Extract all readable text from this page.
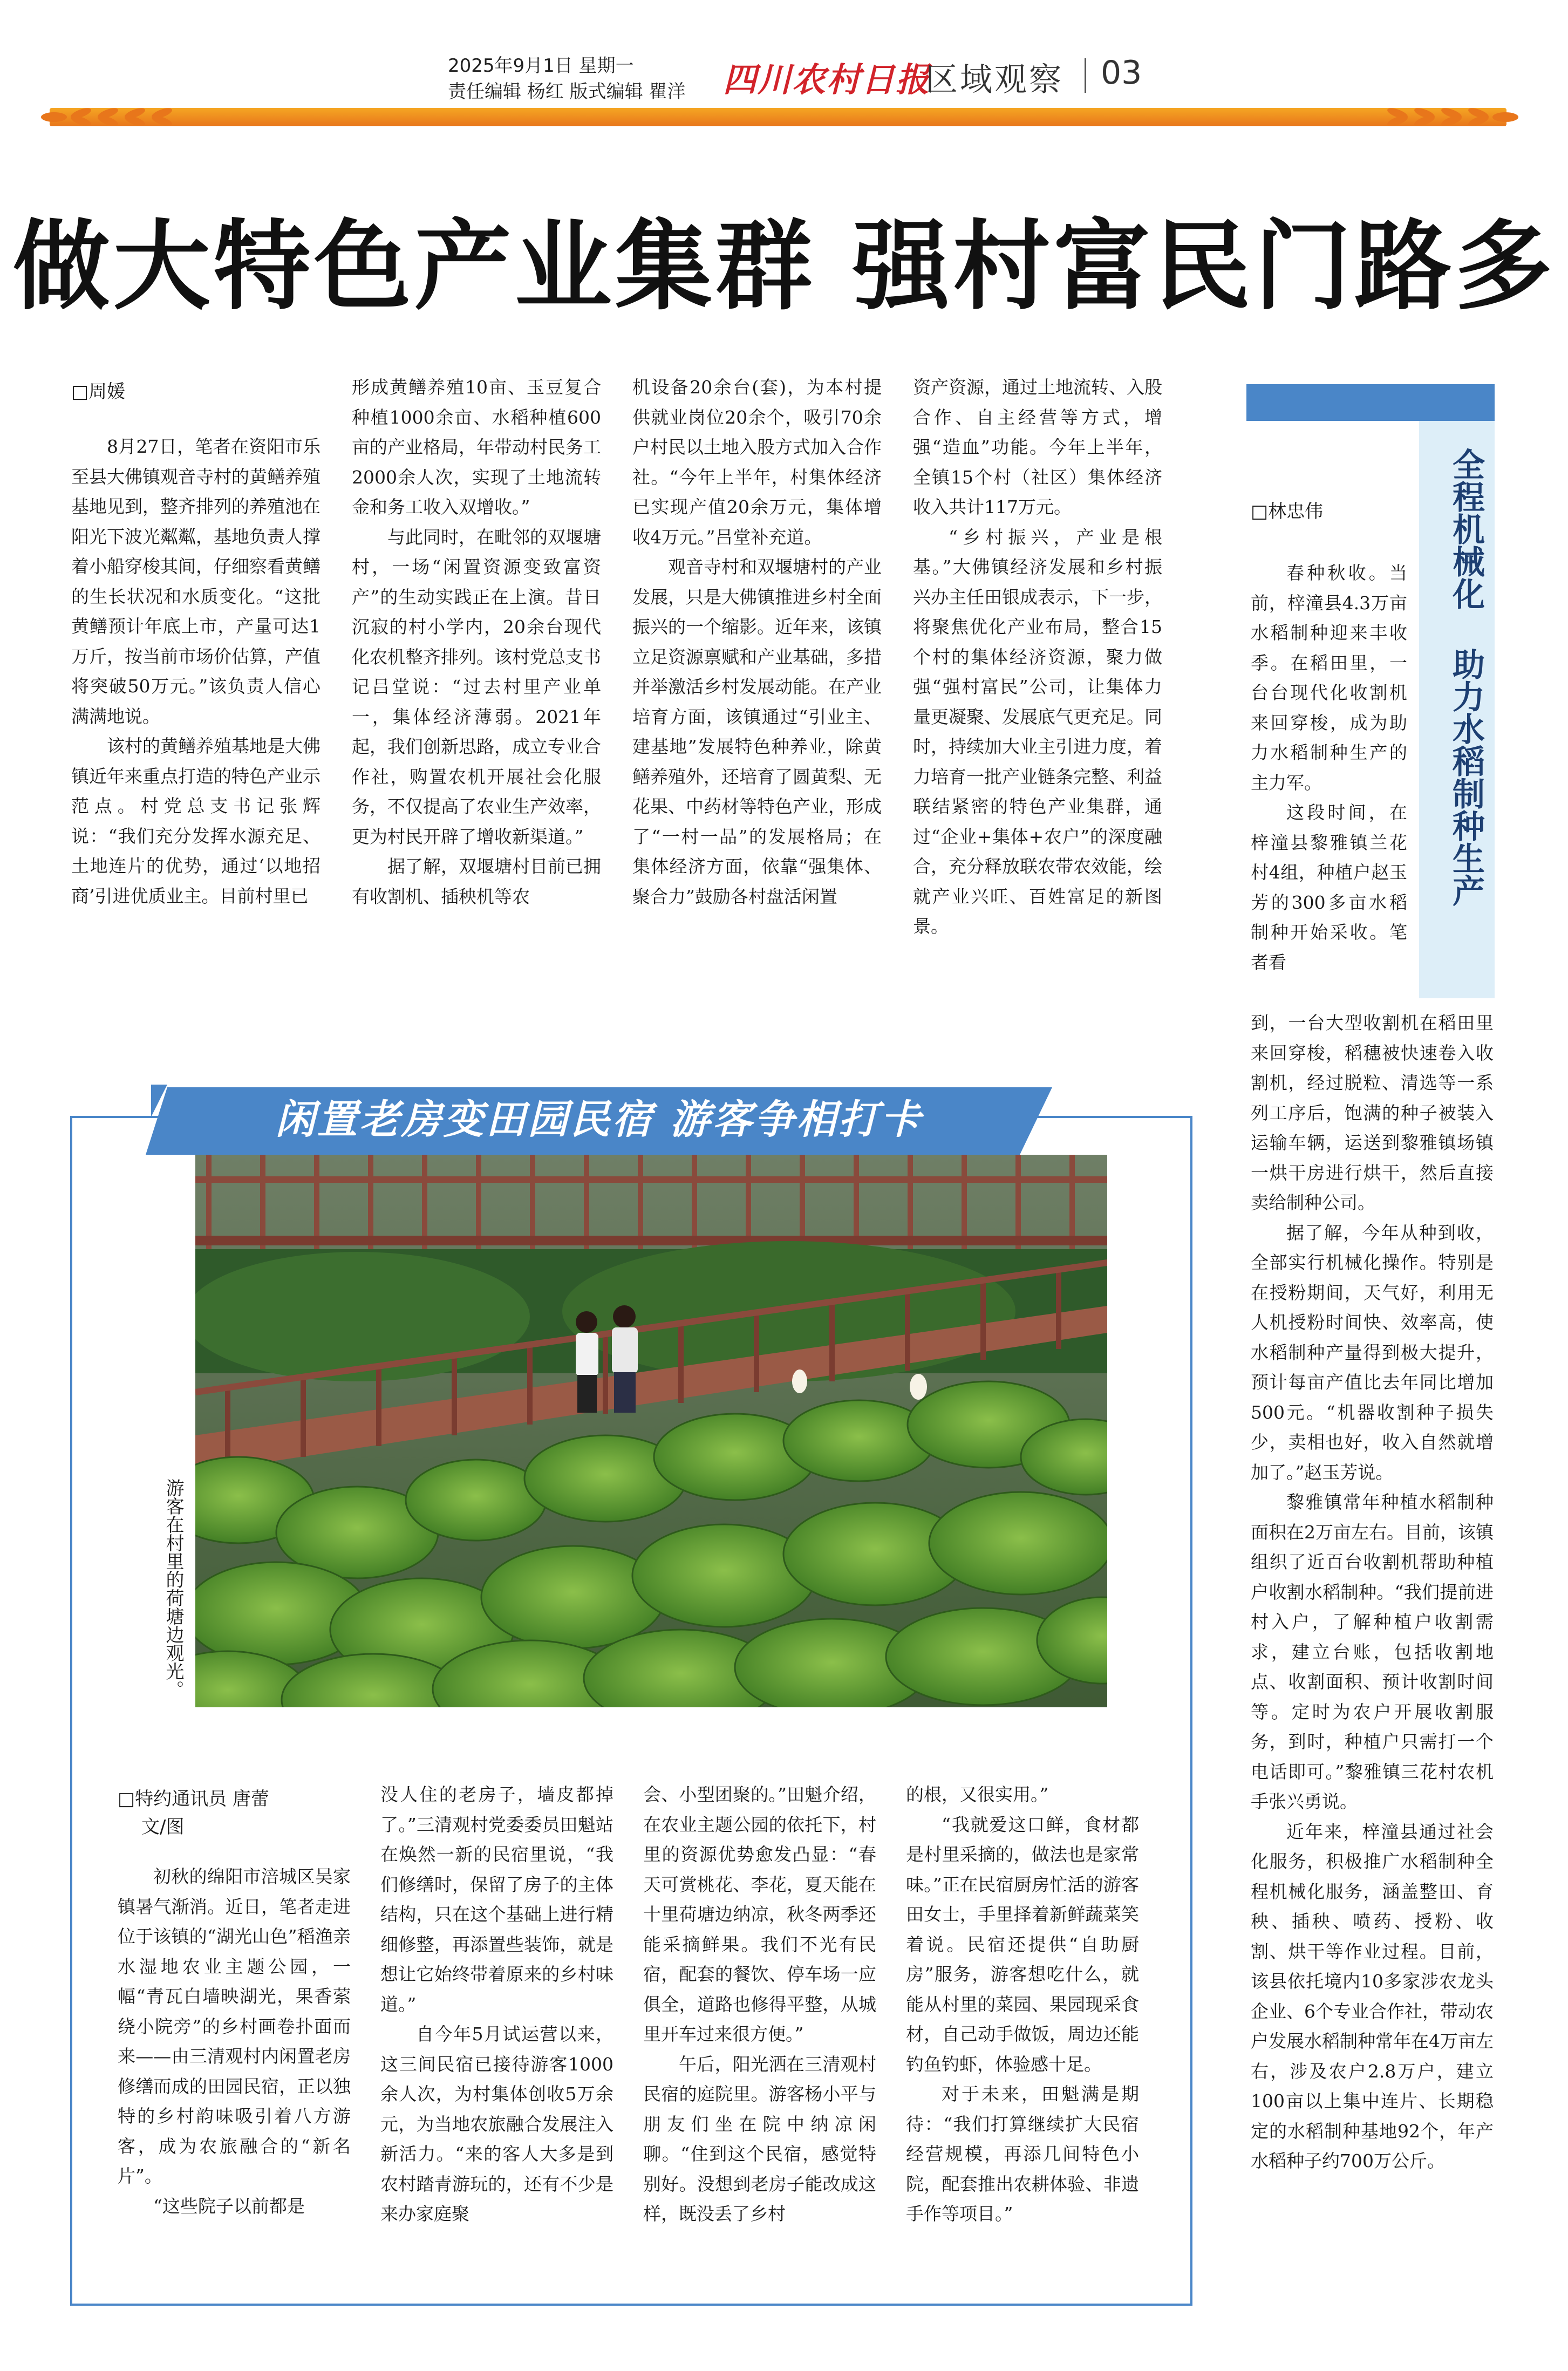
2025年9月1日 星期一
责任编辑 杨红 版式编辑 瞿洋 四川农村日报
区域观察 03
做大特色产业集群 强村富民门路多
□周媛

8月27日，笔者在资阳市乐至县大佛镇观音寺村的黄鳝养殖基地见到，整齐排列的养殖池在阳光下波光粼粼，基地负责人撑着小船穿梭其间，仔细察看黄鳝的生长状况和水质变化。“这批黄鳝预计年底上市，产量可达1万斤，按当前市场价估算，产值将突破50万元。”该负责人信心满满地说。

该村的黄鳝养殖基地是大佛镇近年来重点打造的特色产业示范点。村党总支书记张辉说：“我们充分发挥水源充足、土地连片的优势，通过‘以地招商’引进优质业主。目前村里已

形成黄鳝养殖10亩、玉豆复合种植1000余亩、水稻种植600亩的产业格局，年带动村民务工2000余人次，实现了土地流转金和务工收入双增收。”

与此同时，在毗邻的双堰塘村，一场“闲置资源变致富资产”的生动实践正在上演。昔日沉寂的村小学内，20余台现代化农机整齐排列。该村党总支书记吕堂说：“过去村里产业单一，集体经济薄弱。2021年起，我们创新思路，成立专业合作社，购置农机开展社会化服务，不仅提高了农业生产效率，更为村民开辟了增收新渠道。”

据了解，双堰塘村目前已拥有收割机、插秧机等农

机设备20余台(套)，为本村提供就业岗位20余个，吸引70余户村民以土地入股方式加入合作社。“今年上半年，村集体经济已实现产值20余万元，集体增收4万元。”吕堂补充道。

观音寺村和双堰塘村的产业发展，只是大佛镇推进乡村全面振兴的一个缩影。近年来，该镇立足资源禀赋和产业基础，多措并举激活乡村发展动能。在产业培育方面，该镇通过“引业主、建基地”发展特色种养业，除黄鳝养殖外，还培育了圆黄梨、无花果、中药材等特色产业，形成了“一村一品”的发展格局；在集体经济方面，依靠“强集体、聚合力”鼓励各村盘活闲置

资产资源，通过土地流转、入股合作、自主经营等方式，增强“造血”功能。今年上半年，全镇15个村（社区）集体经济收入共计117万元。

“乡村振兴，产业是根基。”大佛镇经济发展和乡村振兴办主任田银成表示，下一步，将聚焦优化产业布局，整合15个村的集体经济资源，聚力做强“强村富民”公司，让集体力量更凝聚、发展底气更充足。同时，持续加大业主引进力度，着力培育一批产业链条完整、利益联结紧密的特色产业集群，通过“企业+集体+农户”的深度融合，充分释放联农带农效能，绘就产业兴旺、百姓富足的新图景。

全程机械化 助力水稻制种生产
□林忠伟

春种秋收。当前，梓潼县4.3万亩水稻制种迎来丰收季。在稻田里，一台台现代化收割机来回穿梭，成为助力水稻制种生产的主力军。

这段时间，在梓潼县黎雅镇兰花村4组，种植户赵玉芳的300多亩水稻制种开始采收。笔者看

到，一台大型收割机在稻田里来回穿梭，稻穗被快速卷入收割机，经过脱粒、清选等一系列工序后，饱满的种子被装入运输车辆，运送到黎雅镇场镇一烘干房进行烘干，然后直接卖给制种公司。

据了解，今年从种到收，全部实行机械化操作。特别是在授粉期间，天气好，利用无人机授粉时间快、效率高，使水稻制种产量得到极大提升，预计每亩产值比去年同比增加500元。“机器收割种子损失少，卖相也好，收入自然就增加了。”赵玉芳说。

黎雅镇常年种植水稻制种面积在2万亩左右。目前，该镇组织了近百台收割机帮助种植户收割水稻制种。“我们提前进村入户，了解种植户收割需求，建立台账，包括收割地点、收割面积、预计收割时间等。定时为农户开展收割服务，到时，种植户只需打一个电话即可。”黎雅镇三花村农机手张兴勇说。

近年来，梓潼县通过社会化服务，积极推广水稻制种全程机械化服务，涵盖整田、育秧、插秧、喷药、授粉、收割、烘干等作业过程。目前，该县依托境内10多家涉农龙头企业、6个专业合作社，带动农户发展水稻制种常年在4万亩左右，涉及农户2.8万户，建立100亩以上集中连片、长期稳定的水稻制种基地92个，年产水稻种子约700万公斤。

闲置老房变田园民宿 游客争相打卡
游客在村里的荷塘边观光。
□特约通讯员 唐蕾
文/图

初秋的绵阳市涪城区吴家镇暑气渐消。近日，笔者走进位于该镇的“湖光山色”稻渔亲水湿地农业主题公园，一幅“青瓦白墙映湖光，果香萦绕小院旁”的乡村画卷扑面而来——由三清观村内闲置老房修缮而成的田园民宿，正以独特的乡村韵味吸引着八方游客，成为农旅融合的“新名片”。

“这些院子以前都是

没人住的老房子，墙皮都掉了。”三清观村党委委员田魁站在焕然一新的民宿里说，“我们修缮时，保留了房子的主体结构，只在这个基础上进行精细修整，再添置些装饰，就是想让它始终带着原来的乡村味道。”

自今年5月试运营以来，这三间民宿已接待游客1000余人次，为村集体创收5万余元，为当地农旅融合发展注入新活力。“来的客人大多是到农村踏青游玩的，还有不少是来办家庭聚

会、小型团聚的。”田魁介绍，在农业主题公园的依托下，村里的资源优势愈发凸显：“春天可赏桃花、李花，夏天能在十里荷塘边纳凉，秋冬两季还能采摘鲜果。我们不光有民宿，配套的餐饮、停车场一应俱全，道路也修得平整，从城里开车过来很方便。”

午后，阳光洒在三清观村民宿的庭院里。游客杨小平与朋友们坐在院中纳凉闲聊。“住到这个民宿，感觉特别好。没想到老房子能改成这样，既没丢了乡村

的根，又很实用。”

“我就爱这口鲜，食材都是村里采摘的，做法也是家常味。”正在民宿厨房忙活的游客田女士，手里择着新鲜蔬菜笑着说。民宿还提供“自助厨房”服务，游客想吃什么，就能从村里的菜园、果园现采食材，自己动手做饭，周边还能钓鱼钓虾，体验感十足。

对于未来，田魁满是期待：“我们打算继续扩大民宿经营规模，再添几间特色小院，配套推出农耕体验、非遗手作等项目。”
